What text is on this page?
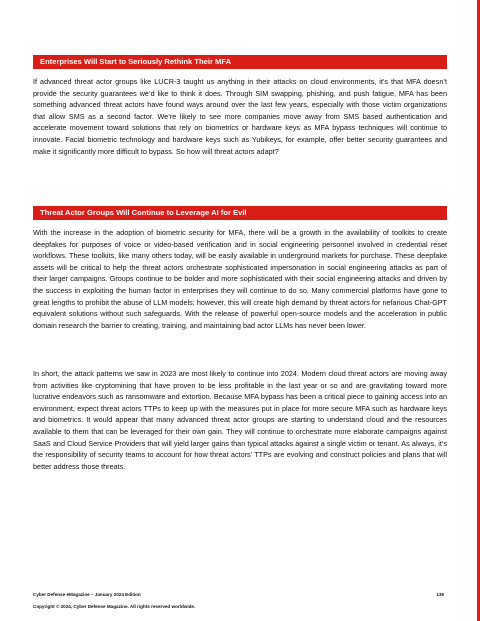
Enterprises Will Start to Seriously Rethink Their MFA

If advanced threat actor groups like LUCR-3 taught us anything in their attacks on cloud environments, it’s that MFA doesn’t provide the security guarantees we’d like to think it does. Through SIM swapping, phishing, and push fatigue, MFA has been something advanced threat actors have found ways around over the last few years, especially with those victim organizations that allow SMS as a second factor. We’re likely to see more companies move away from SMS based authentication and accelerate movement toward solutions that rely on biometrics or hardware keys as MFA bypass techniques will continue to innovate. Facial biometric technology and hardware keys such as Yubikeys, for example, offer better security guarantees and make it significantly more difficult to bypass. So how will threat actors adapt?

Threat Actor Groups Will Continue to Leverage AI for Evil

With the increase in the adoption of biometric security for MFA, there will be a growth in the availability of toolkits to create deepfakes for purposes of voice or video-based verification and in social engineering personnel involved in credential reset workflows. These toolkits, like many others today, will be easily available in underground markets for purchase. These deepfake assets will be critical to help the threat actors orchestrate sophisticated impersonation in social engineering attacks as part of their larger campaigns. Groups continue to be bolder and more sophisticated with their social engineering attacks and driven by the success in exploiting the human factor in enterprises they will continue to do so. Many commercial platforms have gone to great lengths to prohibit the abuse of LLM models; however, this will create high demand by threat actors for nefarious Chat-GPT equivalent solutions without such safeguards. With the release of powerful open-source models and the acceleration in public domain research the barrier to creating, training, and maintaining bad actor LLMs has never been lower.

In short, the attack patterns we saw in 2023 are most likely to continue into 2024. Modern cloud threat actors are moving away from activities like cryptomining that have proven to be less profitable in the last year or so and are gravitating toward more lucrative endeavors such as ransomware and extortion. Because MFA bypass has been a critical piece to gaining access into an environment, expect threat actors TTPs to keep up with the measures put in place for more secure MFA such as hardware keys and biometrics. It would appear that many advanced threat actor groups are starting to understand cloud and the resources available to them that can be leveraged for their own gain. They will continue to orchestrate more elaborate campaigns against SaaS and Cloud Service Providers that will yield larger gains than typical attacks against a single victim or tenant. As always, it’s the responsibility of security teams to account for how threat actors’ TTPs are evolving and construct policies and plans that will better address those threats.

Cyber Defense eMagazine – January 2024 Edition	136
Copyright © 2024, Cyber Defense Magazine. All rights reserved worldwide.
